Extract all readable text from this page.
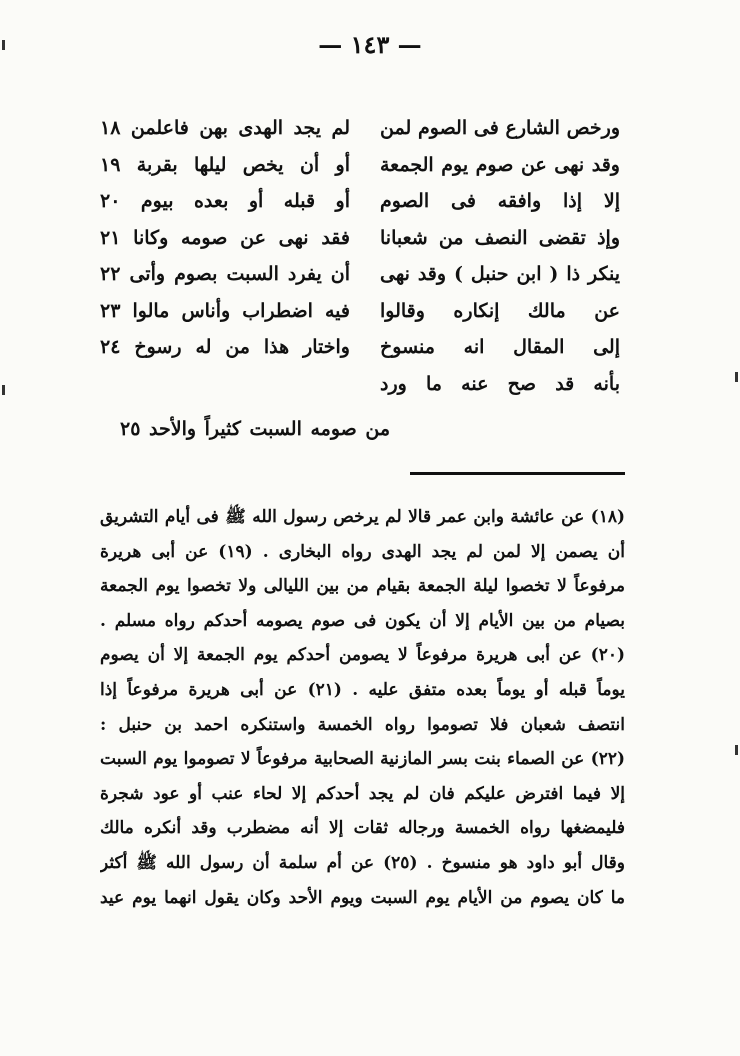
— ١٤٣ —
ورخص الشارع فى الصوم لمن
لم يجد الهدى بهن فاعلمن ١٨
وقد نهى عن صوم يوم الجمعة
أو أن يخص ليلها بقربة ١٩
إلا إذا وافقه فى الصوم
أو قبله أو بعده بيوم ٢٠
وإذ تقضى النصف من شعبانا
فقد نهى عن صومه وكانا ٢١
ينكر ذا ( ابن حنبل ) وقد نهى
أن يفرد السبت بصوم وأتى ٢٢
عن مالك إنكاره وقالوا
فيه اضطراب وأناس مالوا ٢٣
إلى المقال انه منسوخ
واختار هذا من له رسوخ ٢٤
بأنه قد صح عنه ما ورد
من صومه السبت كثيراً والأحد ٢٥
(١٨) عن عائشة وابن عمر قالا لم يرخص رسول الله ﷺ فى أيام التشريق
أن يصمن إلا لمن لم يجد الهدى رواه البخارى . (١٩) عن أبى هريرة
مرفوعاً لا تخصوا ليلة الجمعة بقيام من بين الليالى ولا تخصوا يوم الجمعة
بصيام من بين الأيام إلا أن يكون فى صوم يصومه أحدكم رواه مسلم .
(٢٠) عن أبى هريرة مرفوعاً لا يصومن أحدكم يوم الجمعة إلا أن يصوم
يوماً قبله أو يوماً بعده متفق عليه . (٢١) عن أبى هريرة مرفوعاً إذا
انتصف شعبان فلا تصوموا رواه الخمسة واستنكره احمد بن حنبل :
(٢٢) عن الصماء بنت بسر المازنية الصحابية مرفوعاً لا تصوموا يوم السبت
إلا فيما افترض عليكم فان لم يجد أحدكم إلا لحاء عنب أو عود شجرة
فليمضغها رواه الخمسة ورجاله ثقات إلا أنه مضطرب وقد أنكره مالك
وقال أبو داود هو منسوخ . (٢٥) عن أم سلمة أن رسول الله ﷺ أكثر
ما كان يصوم من الأيام يوم السبت ويوم الأحد وكان يقول انهما يوم عيد
